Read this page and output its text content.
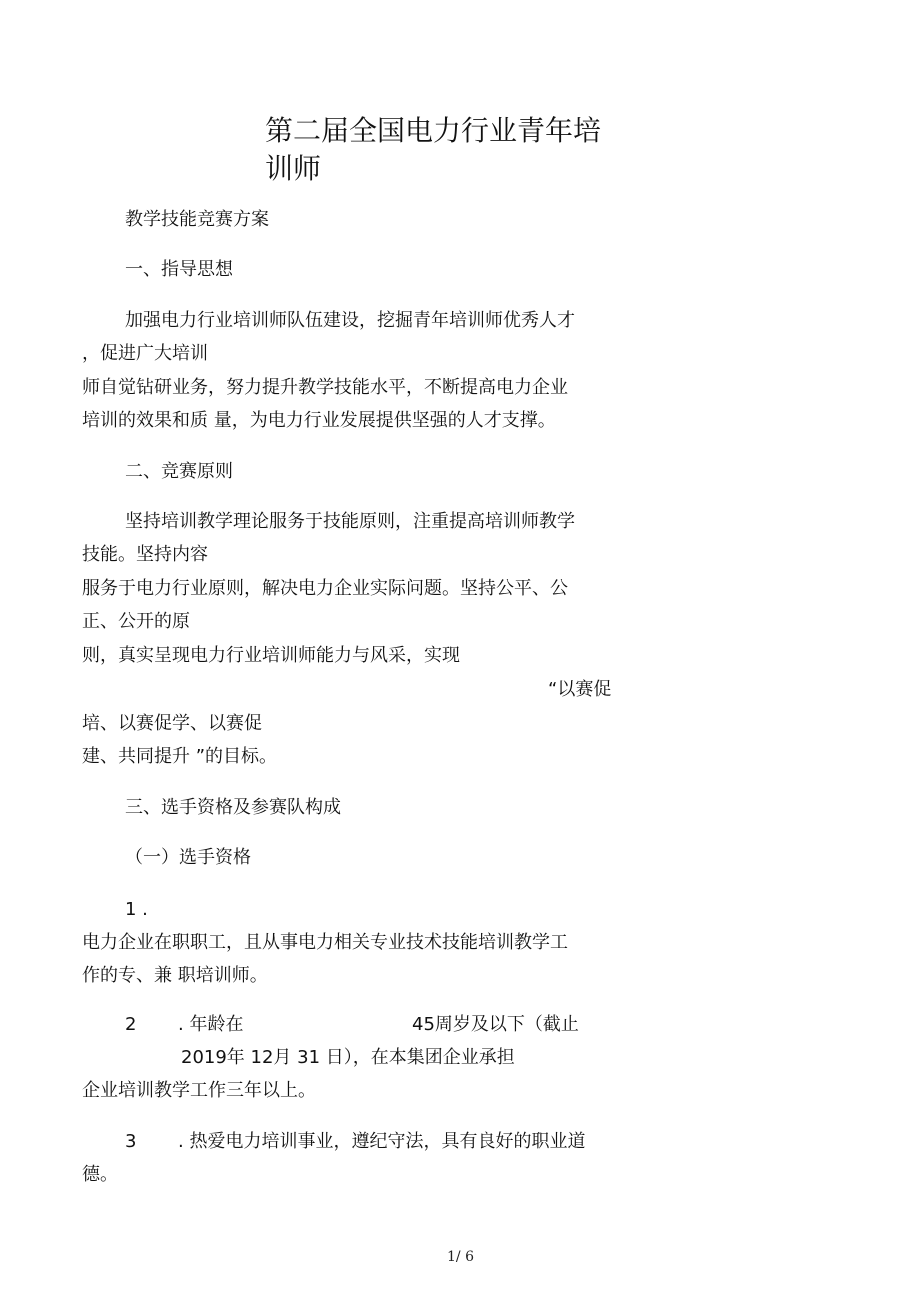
第二届全国电力行业青年培
训师
教学技能竞赛方案
一、指导思想
加强电力行业培训师队伍建设，挖掘青年培训师优秀人才
，促进广大培训
师自觉钻研业务，努力提升教学技能水平，不断提高电力企业
培训的效果和质 量，为电力行业发展提供坚强的人才支撑。
二、竞赛原则
坚持培训教学理论服务于技能原则，注重提高培训师教学
技能。坚持内容
服务于电力行业原则，解决电力企业实际问题。坚持公平、公
正、公开的原
则，真实呈现电力行业培训师能力与风采，实现
“以赛促
培、以赛促学、以赛促
建、共同提升 ”的目标。
三、选手资格及参赛队构成
（一）选手资格
1 .
电力企业在职职工，且从事电力相关专业技术技能培训教学工
作的专、兼 职培训师。
2 . 年龄在	45周岁及以下（截止
2019年 12月 31 日），在本集团企业承担
企业培训教学工作三年以上。
3 . 热爱电力培训事业，遵纪守法，具有良好的职业道
德。
1/ 6
